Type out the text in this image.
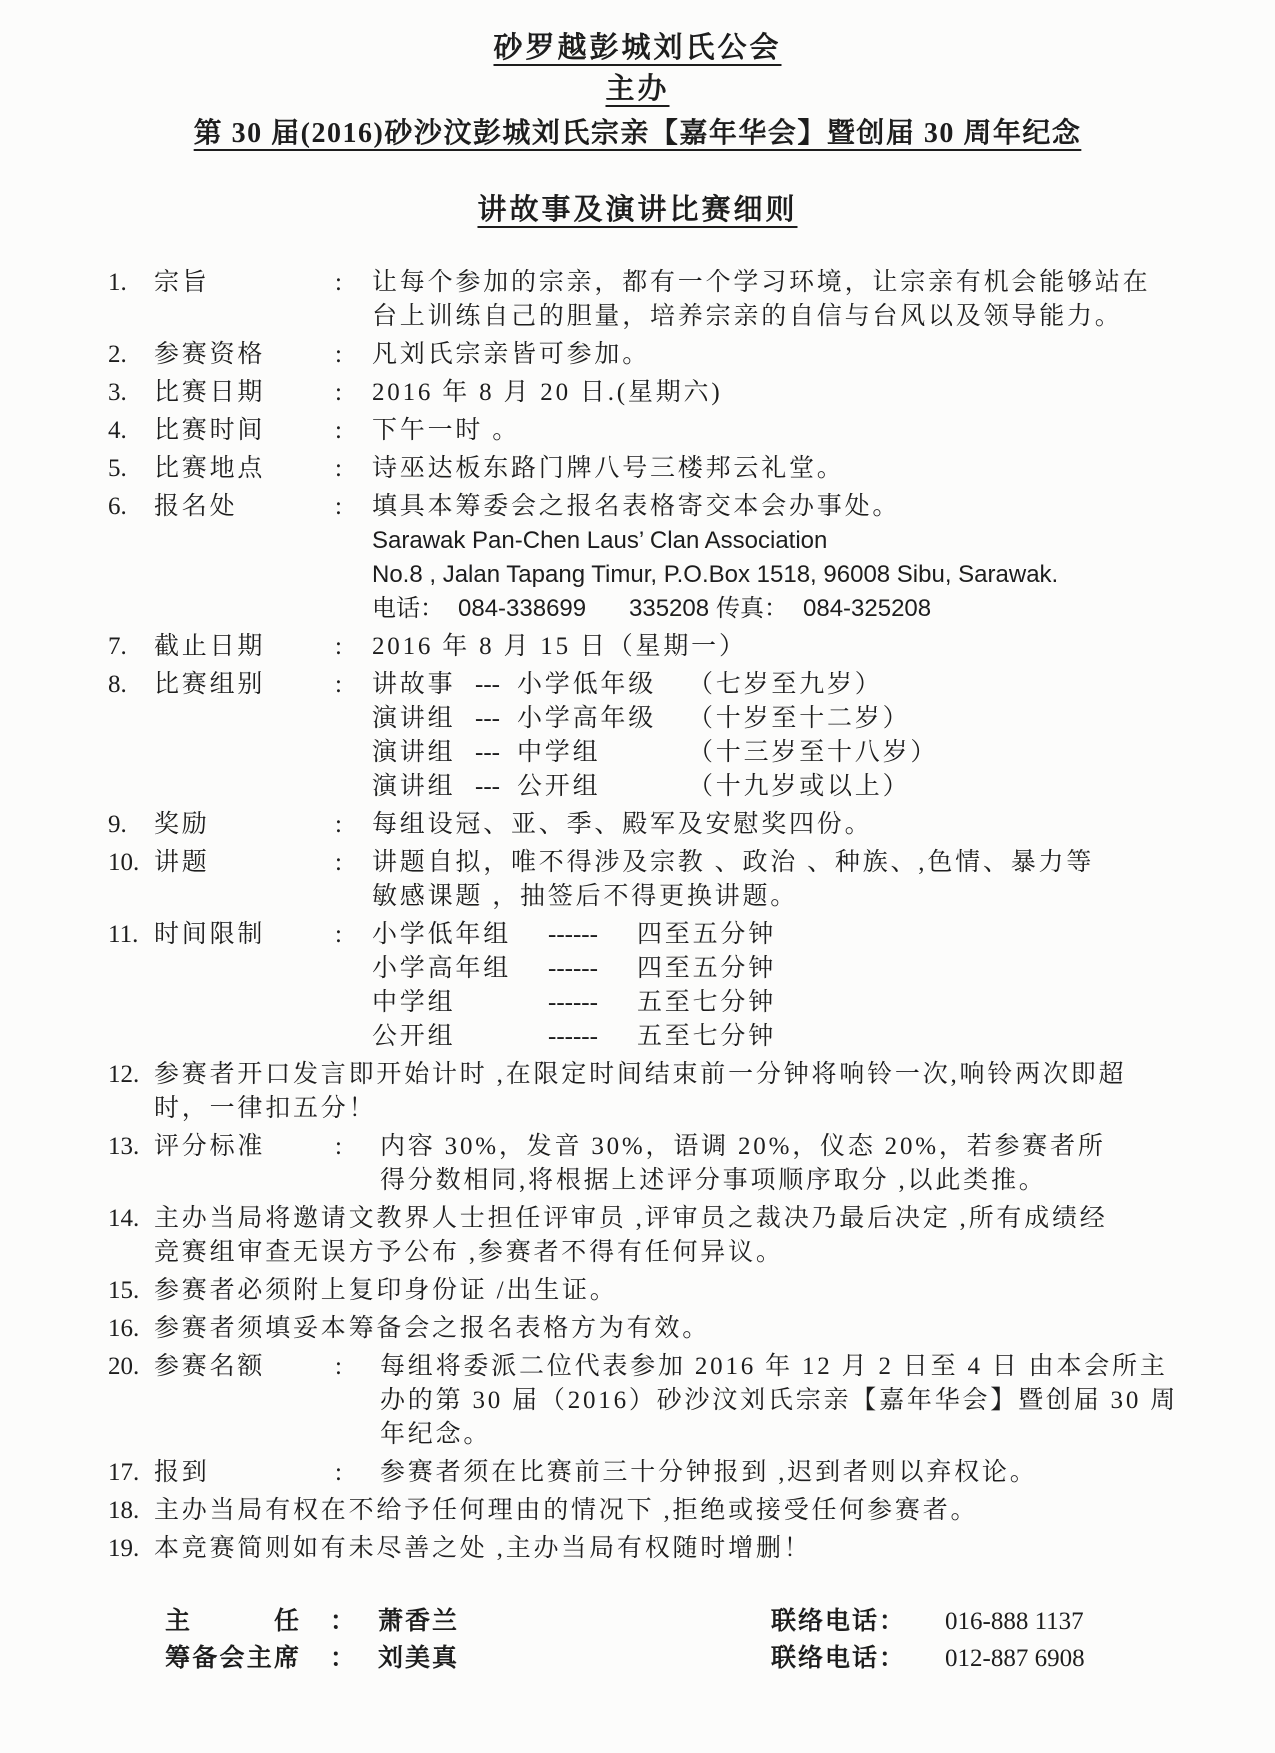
砂罗越彭城刘氏公会
主办
第 30 届(2016)砂沙汶彭城刘氏宗亲【嘉年华会】暨创届 30 周年纪念
讲故事及演讲比赛细则
1.	宗旨	:	让每个参加的宗亲，都有一个学习环境，让宗亲有机会能够站在
台上训练自己的胆量，培养宗亲的自信与台风以及领导能力。
2.	参赛资格	:	凡刘氏宗亲皆可参加。
3.	比赛日期	:	2016 年 8 月 20 日.(星期六)
4.	比赛时间	:	下午一时 。
5.	比赛地点	:	诗巫达板东路门牌八号三楼邦云礼堂。
6.	报名处	:	填具本筹委会之报名表格寄交本会办事处。
Sarawak Pan-Chen Laus’ Clan Association
No.8 , Jalan Tapang Timur, P.O.Box 1518, 96008 Sibu, Sarawak.
电话： 084-338699 335208 传真： 084-325208
7.	截止日期	:	2016 年 8 月 15 日（星期一）
8.	比赛组别	:	讲故事 --- 小学低年级 （七岁至九岁）
演讲组 --- 小学高年级 （十岁至十二岁）
演讲组 --- 中学组	（十三岁至十八岁）
演讲组 --- 公开组	（十九岁或以上）
9.	奖励	:	每组设冠、亚、季、殿军及安慰奖四份。
10. 讲题	:	讲题自拟，唯不得涉及宗教 、政治 、种族、,色情、暴力等
敏感课题 ，抽签后不得更换讲题。
11. 时间限制	:	小学低年组 ------ 四至五分钟
小学高年组 ------ 四至五分钟
中学组	------ 五至七分钟
公开组	------ 五至七分钟
12. 参赛者开口发言即开始计时 ,在限定时间结束前一分钟将响铃一次,响铃两次即超
时，一律扣五分！
13. 评分标准	:	内容 30%，发音 30%，语调 20%，仪态 20%，若参赛者所
得分数相同,将根据上述评分事项顺序取分 ,以此类推。
14. 主办当局将邀请文教界人士担任评审员 ,评审员之裁决乃最后决定 ,所有成绩经
竞赛组审查无误方予公布 ,参赛者不得有任何异议。
15. 参赛者必须附上复印身份证 /出生证。
16. 参赛者须填妥本筹备会之报名表格方为有效。
20. 参赛名额	:	每组将委派二位代表参加 2016 年 12 月 2 日至 4 日 由本会所主
办的第 30 届（2016）砂沙汶刘氏宗亲【嘉年华会】暨创届 30 周
年纪念。
17. 报到	:	参赛者须在比赛前三十分钟报到 ,迟到者则以弃权论。
18. 主办当局有权在不给予任何理由的情况下 ,拒绝或接受任何参赛者。
19. 本竞赛简则如有未尽善之处 ,主办当局有权随时增删！
主 任 ： 萧香兰	联络电话： 016-888 1137
筹备会主席 ： 刘美真	联络电话： 012-887 6908
